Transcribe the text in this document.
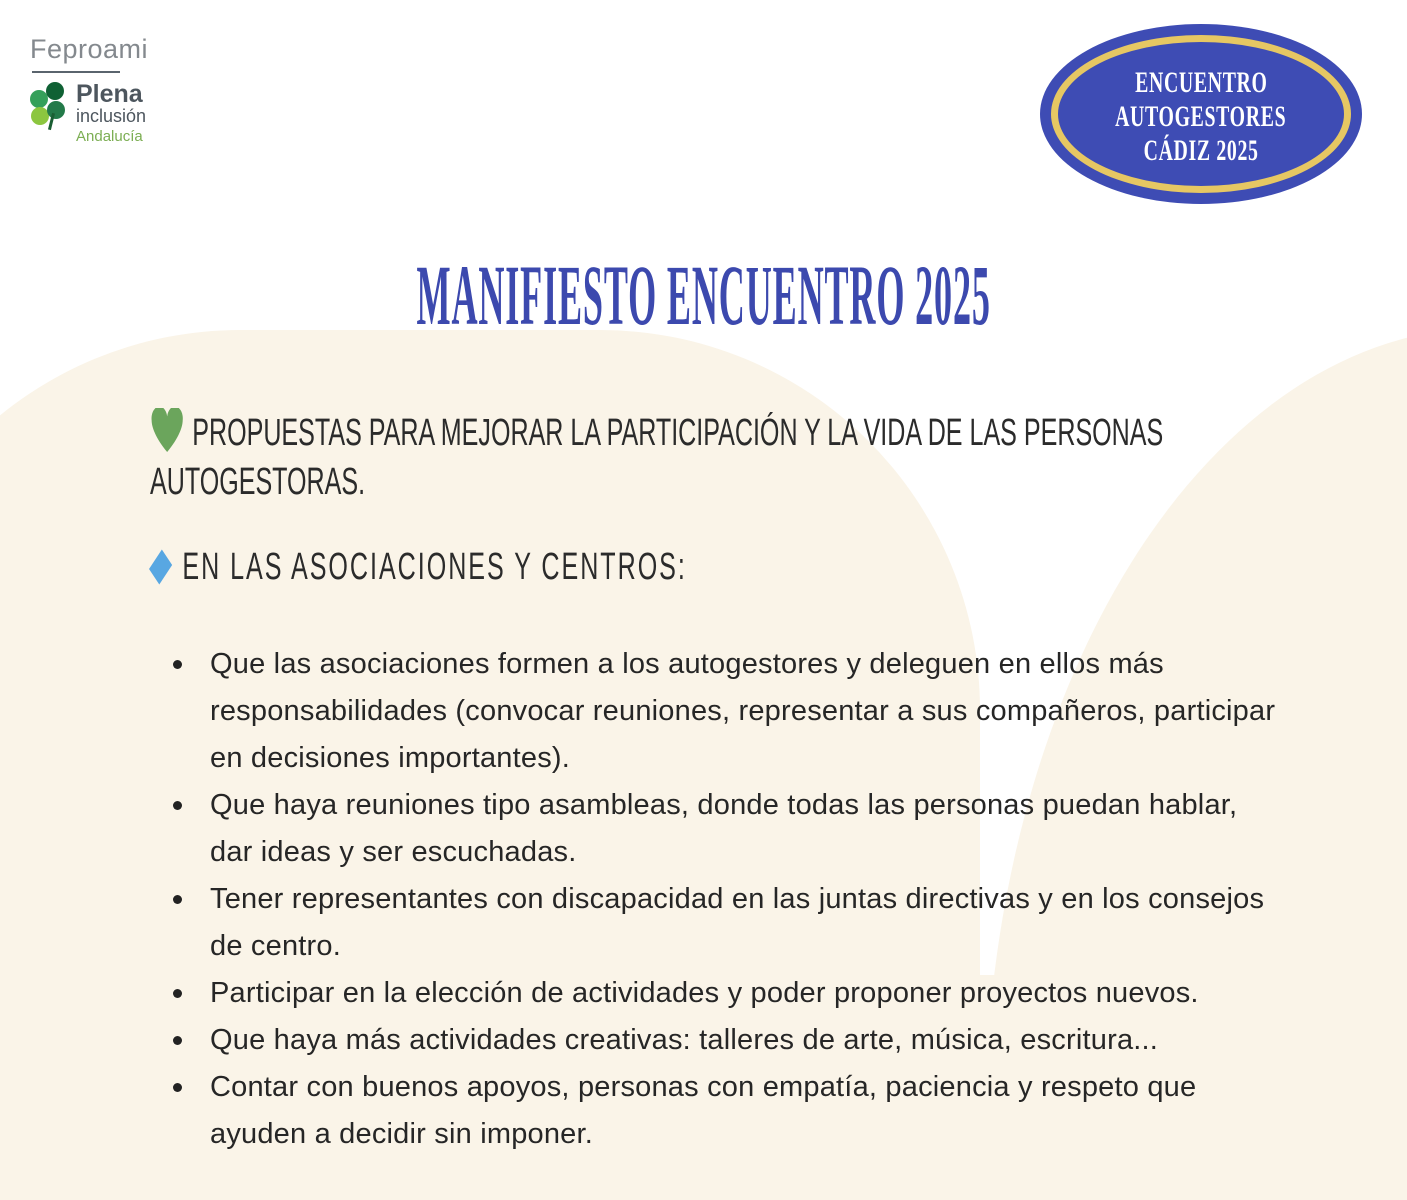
Feproami
Plena
inclusión
Andalucía
ENCUENTRO
AUTOGESTORES
CÁDIZ 2025
MANIFIESTO ENCUENTRO 2025
PROPUESTAS PARA MEJORAR LA PARTICIPACIÓN Y LA VIDA DE LAS PERSONAS AUTOGESTORAS.
EN LAS ASOCIACIONES Y CENTROS:
Que las asociaciones formen a los autogestores y deleguen en ellos más responsabilidades (convocar reuniones, representar a sus compañeros, participar en decisiones importantes).
Que haya reuniones tipo asambleas, donde todas las personas puedan hablar, dar ideas y ser escuchadas.
Tener representantes con discapacidad en las juntas directivas y en los consejos de centro.
Participar en la elección de actividades y poder proponer proyectos nuevos.
Que haya más actividades creativas: talleres de arte, música, escritura...
Contar con buenos apoyos, personas con empatía, paciencia y respeto que ayuden a decidir sin imponer.
